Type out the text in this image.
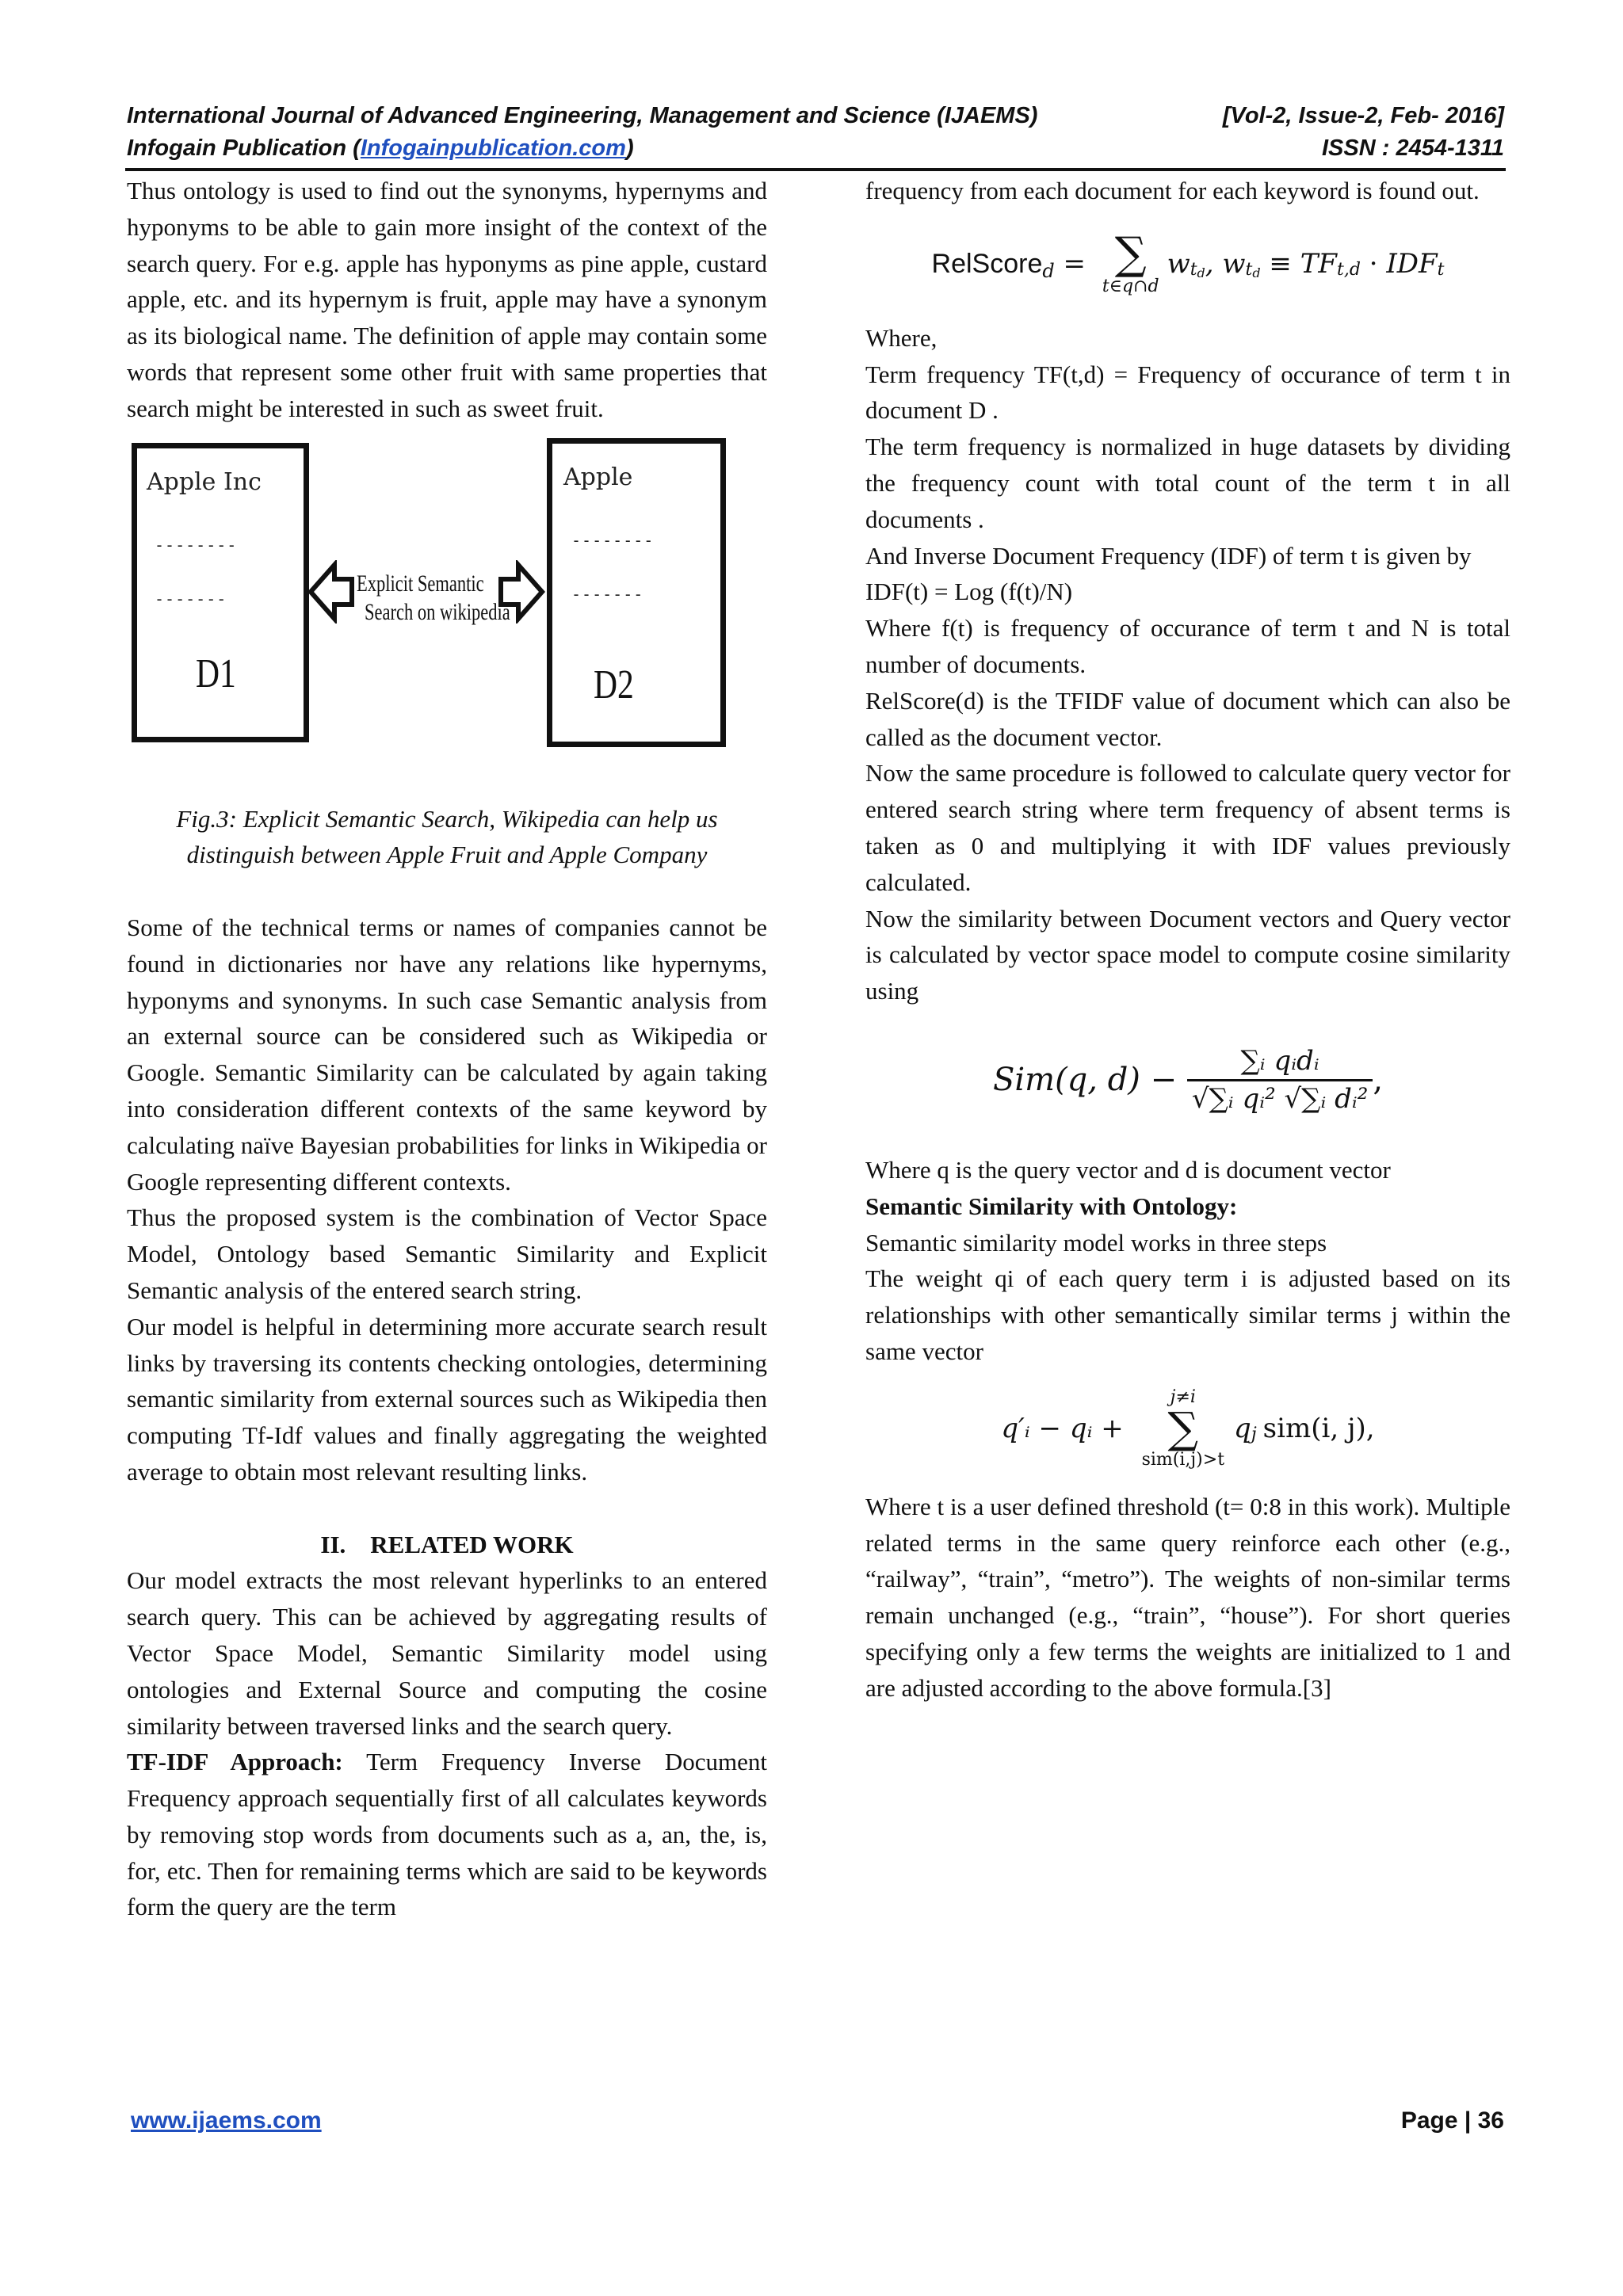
International Journal of Advanced Engineering, Management and Science (IJAEMS)	[Vol-2, Issue-2, Feb- 2016]
Infogain Publication (Infogainpublication.com)	ISSN : 2454-1311

Thus ontology is used to find out the synonyms, hypernyms and hyponyms to be able to gain more insight of the context of the search query. For e.g. apple has hyponyms as pine apple, custard apple, etc. and its hypernym is fruit, apple may have a synonym as its biological name. The definition of apple may contain some words that represent some other fruit with same properties that search might be interested in such as sweet fruit.

Apple Inc
--------
-------
D1
Apple
--------
-------
D2
Explicit Semantic
Search on wikipedia

Fig.3: Explicit Semantic Search, Wikipedia can help us

distinguish between Apple Fruit and Apple Company

Some of the technical terms or names of companies cannot be found in dictionaries nor have any relations like hypernyms, hyponyms and synonyms. In such case Semantic analysis from an external source can be considered such as Wikipedia or Google. Semantic Similarity can be calculated by again taking into consideration different contexts of the same keyword by calculating naïve Bayesian probabilities for links in Wikipedia or Google representing different contexts.

Thus the proposed system is the combination of Vector Space Model, Ontology based Semantic Similarity and Explicit Semantic analysis of the entered search string.

Our model is helpful in determining more accurate search result links by traversing its contents checking ontologies, determining semantic similarity from external sources such as Wikipedia then computing Tf-Idf values and finally aggregating the weighted average to obtain most relevant resulting links.

II.    RELATED WORK

Our model extracts the most relevant hyperlinks to an entered search query. This can be achieved by aggregating results of Vector Space Model, Semantic Similarity model using ontologies and External Source and computing the cosine similarity between traversed links and the search query.

TF-IDF Approach: Term Frequency Inverse Document Frequency approach sequentially first of all calculates keywords by removing stop words from documents such as a, an, the, is, for, etc. Then for remaining terms which are said to be keywords form the query are the term

frequency from each document for each keyword is found out.

RelScore d = ∑
t∈q∩d
w t d , w t d ≡ TF t,d · IDF t

Where,

Term frequency TF(t,d) = Frequency of occurance of term t in document D .

The term frequency is normalized in huge datasets by dividing the frequency count with total count of the term t in all documents .

And Inverse Document Frequency (IDF) of term t is given by

IDF(t) = Log (f(t)/N)

Where f(t) is frequency of occurance of term t and N is total number of documents.

RelScore(d) is the TFIDF value of document which can also be called as the document vector.

Now the same procedure is followed to calculate query vector for entered search string where term frequency of absent terms is taken as 0 and multiplying it with IDF values previously calculated.

Now the similarity between Document vectors and Query vector is calculated by vector space model to compute cosine similarity using

Sim(q, d) −
∑ᵢ qᵢdᵢ
√∑ᵢ qᵢ² √∑ᵢ dᵢ²
,

Where q is the query vector and d is document vector

Semantic Similarity with Ontology:

Semantic similarity model works in three steps

The weight qi of each query term i is adjusted based on its relationships with other semantically similar terms j within the same vector

q′ᵢ − qᵢ +
j≠i
∑
sim(i,j)>t
q j sim(i, j) ,

Where t is a user defined threshold (t= 0:8 in this work). Multiple related terms in the same query reinforce each other (e.g., “railway”, “train”, “metro”). The weights of non-similar terms remain unchanged (e.g., “train”, “house”). For short queries specifying only a few terms the weights are initialized to 1 and are adjusted according to the above formula.[3]

www.ijaems.com	Page | 36
